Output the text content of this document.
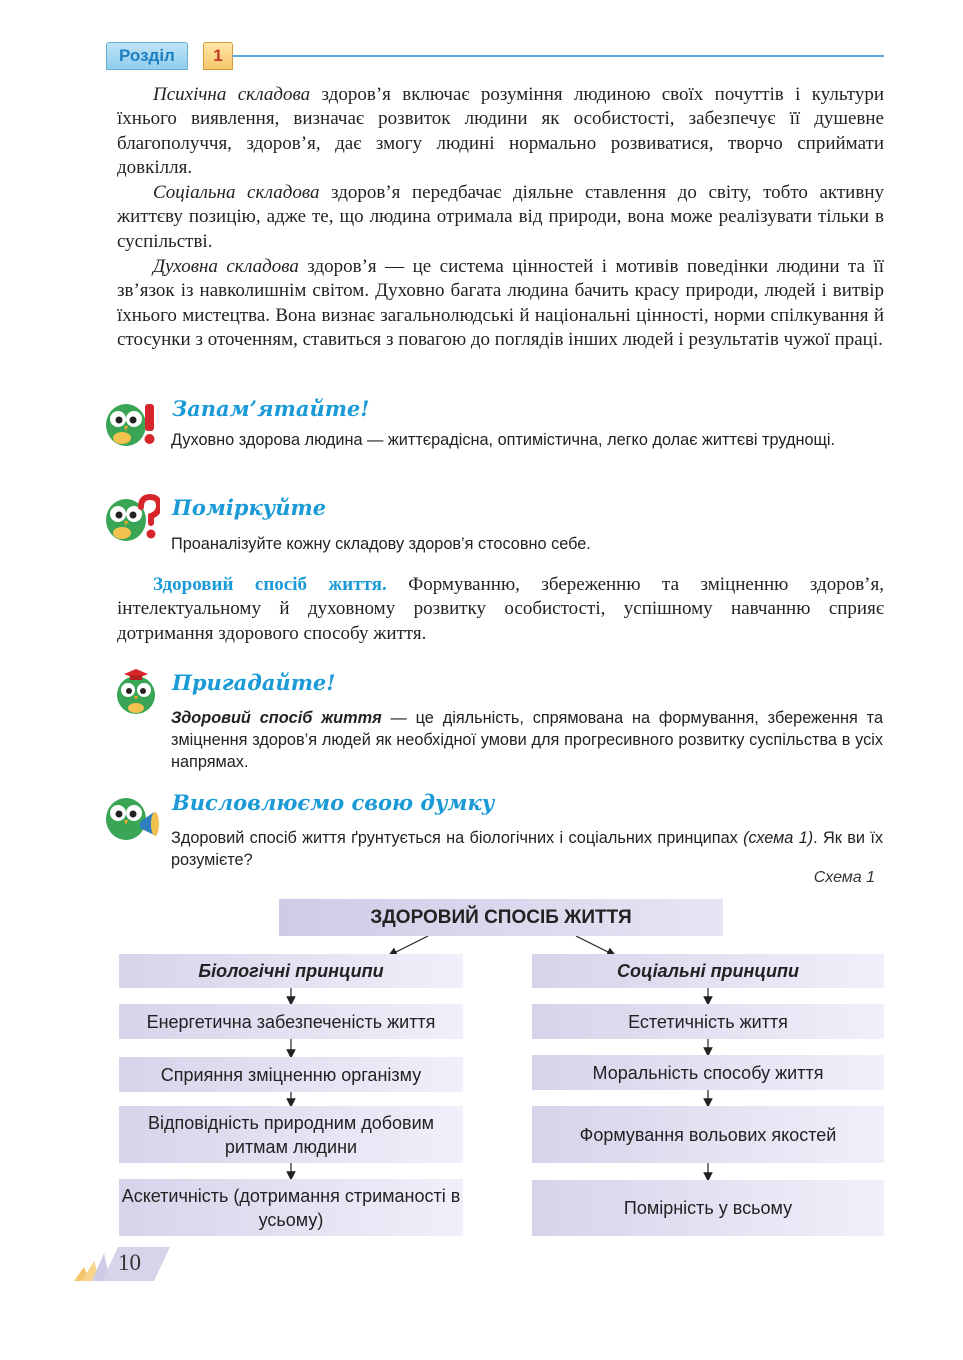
Розділ	1

Психічна складова здоров’я включає розуміння людиною своїх почуттів і культури їхнього виявлення, визначає розвиток людини як особистості, забезпечує її душевне благополуччя, здоров’я, дає змогу людині нормально розвиватися, творчо сприймати довкілля.

Соціальна складова здоров’я передбачає діяльне ставлення до світу, тобто активну життєву позицію, адже те, що людина отримала від природи, вона може реалізувати тільки в суспільстві.

Духовна складова здоров’я — це система цінностей і мотивів поведінки людини та її зв’язок із навколишнім світом. Духовно багата людина бачить красу природи, людей і витвір їхнього мистецтва. Вона визнає загальнолюдські й національні цінності, норми спілкування й стосунки з оточенням, ставиться з повагою до поглядів інших людей і результатів чужої праці.

Запам’ятайте!

Духовно здорова людина — життєрадісна, оптимістична, легко долає життєві труднощі.

Поміркуйте

Проаналізуйте кожну складову здоров’я стосовно себе.

Здоровий спосіб життя. Формуванню, збереженню та зміцненню здоров’я, інтелектуальному й духовному розвитку особистості, успішному навчанню сприяє дотримання здорового способу життя.

Пригадайте!

Здоровий спосіб життя — це діяльність, спрямована на формування, збереження та зміцнення здоров’я людей як необхідної умови для прогресивного розвитку суспільства в усіх напрямах.

Висловлюємо свою думку

Здоровий спосіб життя ґрунтується на біологічних і соціальних принципах (схема 1). Як ви їх розумієте?

Схема 1
ЗДОРОВИЙ СПОСІБ ЖИТТЯ
Біологічні принципи
Енергетична забезпеченість життя
Сприяння зміцненню організму
Відповідність природним добовим ритмам людини
Аскетичність (дотримання стриманості в усьому)
Соціальні принципи
Естетичність життя
Моральність способу життя
Формування вольових якостей
Помірність у всьому
10
